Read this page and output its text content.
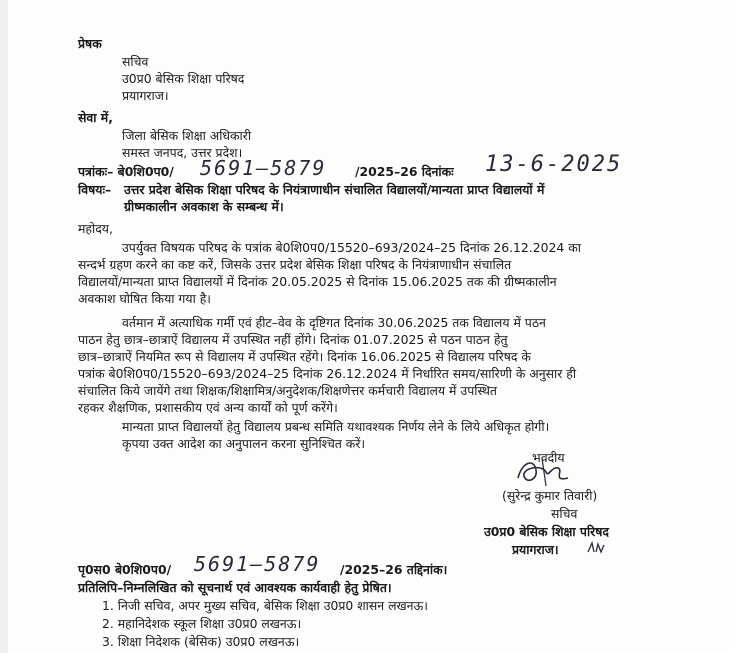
प्रेषक
सचिव
उ0प्र0 बेसिक शिक्षा परिषद
प्रयागराज।
सेवा में,
जिला बेसिक शिक्षा अधिकारी
समस्त जनपद, उत्तर प्रदेश।
पत्रांकः– बे0शि0प0/ 5691–5879 /2025–26 दिनांकः 13-6-2025
विषयः– उत्तर प्रदेश बेसिक शिक्षा परिषद के नियंत्राणाधीन संचालित विद्यालयों/मान्यता प्राप्त विद्यालयों में
ग्रीष्मकालीन अवकाश के सम्बन्ध में।
महोदय,
उपर्युक्त विषयक परिषद के पत्रांक बे0शि0प0/15520–693/2024–25 दिनांक 26.12.2024 का
सन्दर्भ ग्रहण करने का कष्ट करें, जिसके उत्तर प्रदेश बेसिक शिक्षा परिषद के नियंत्राणाधीन संचालित
विद्यालयों/मान्यता प्राप्त विद्यालयों में दिनांक 20.05.2025 से दिनांक 15.06.2025 तक की ग्रीष्मकालीन
अवकाश घोषित किया गया है।
वर्तमान में अत्याधिक गर्मी एवं हीट–वेव के दृष्टिगत दिनांक 30.06.2025 तक विद्यालय में पठन
पाठन हेतु छात्र–छात्राऐं विद्यालय में उपस्थित नहीं होंगे। दिनांक 01.07.2025 से पठन पाठन हेतु
छात्र–छात्राऐं नियमित रूप से विद्यालय में उपस्थित रहेंगे। दिनांक 16.06.2025 से विद्यालय परिषद के
पत्रांक बे0शि0प0/15520–693/2024–25 दिनांक 26.12.2024 में निर्धारित समय/सारिणी के अनुसार ही
संचालित किये जायेंगे तथा शिक्षक/शिक्षामित्र/अनुदेशक/शिक्षणेत्तर कर्मचारी विद्यालय में उपस्थित
रहकर शैक्षणिक, प्रशासकीय एवं अन्य कार्यों को पूर्ण करेंगे।
मान्यता प्राप्त विद्यालयों हेतु विद्यालय प्रबन्ध समिति यथावश्यक निर्णय लेने के लिये अधिकृत होगी।
कृपया उक्त आदेश का अनुपालन करना सुनिश्चित करें।
भवदीय
(सुरेन्द्र कुमार तिवारी)
सचिव
उ0प्र0 बेसिक शिक्षा परिषद
प्रयागराज।
पृ0स0 बे0शि0प0/ 5691–5879 /2025–26 तद्दिनांक।
प्रतिलिपि–निम्नलिखित को सूचनार्थ एवं आवश्यक कार्यवाही हेतु प्रेषित।
1. निजी सचिव, अपर मुख्य सचिव, बेसिक शिक्षा उ0प्र0 शासन लखनऊ।
2. महानिदेशक स्कूल शिक्षा उ0प्र0 लखनऊ।
3. शिक्षा निदेशक (बेसिक) उ0प्र0 लखनऊ।
